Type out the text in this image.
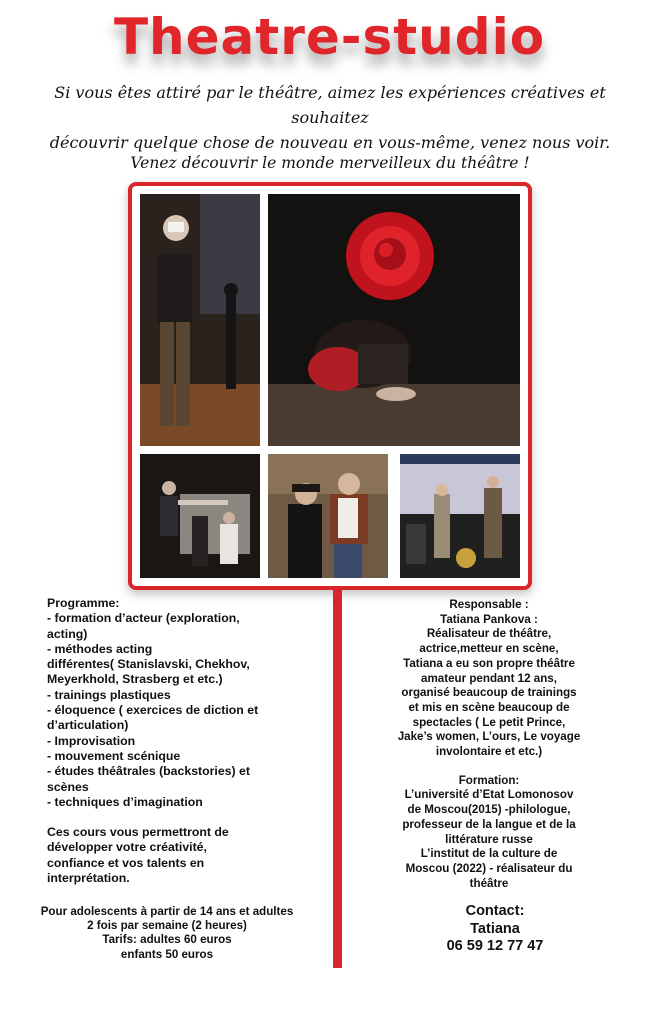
Theatre-studio
Si vous êtes attiré par le théâtre, aimez les expériences créatives et souhaitez
découvrir quelque chose de nouveau en vous-même, venez nous voir.
Venez découvrir le monde merveilleux du théâtre !
Programme:
- formation d’acteur (exploration,
acting)
- méthodes acting
différentes( Stanislavski, Chekhov,
Meyerkhold, Strasberg et etc.)
- trainings plastiques
- éloquence ( exercices de diction et
d’articulation)
- Improvisation
- mouvement scénique
- études théâtrales (backstories) et
scènes
- techniques d’imagination
Ces cours vous permettront de
développer votre créativité,
confiance et vos talents en
interprétation.
Pour adolescents à partir de 14 ans et adultes
2 fois par semaine (2 heures)
Tarifs: adultes 60 euros
enfants 50 euros
Responsable :
Tatiana Pankova :
Réalisateur de théâtre,
actrice,metteur en scène,
Tatiana a eu son propre théâtre
amateur pendant 12 ans,
organisé beaucoup de trainings
et mis en scène beaucoup de
spectacles ( Le petit Prince,
Jake’s women, L’ours, Le voyage
involontaire et etc.)
Formation:
L’université d’Etat Lomonosov
de Moscou(2015) -philologue,
professeur de la langue et de la
littérature russe
L’institut de la culture de
Moscou (2022) - réalisateur du
théâtre
Contact:
Tatiana
06 59 12 77 47
